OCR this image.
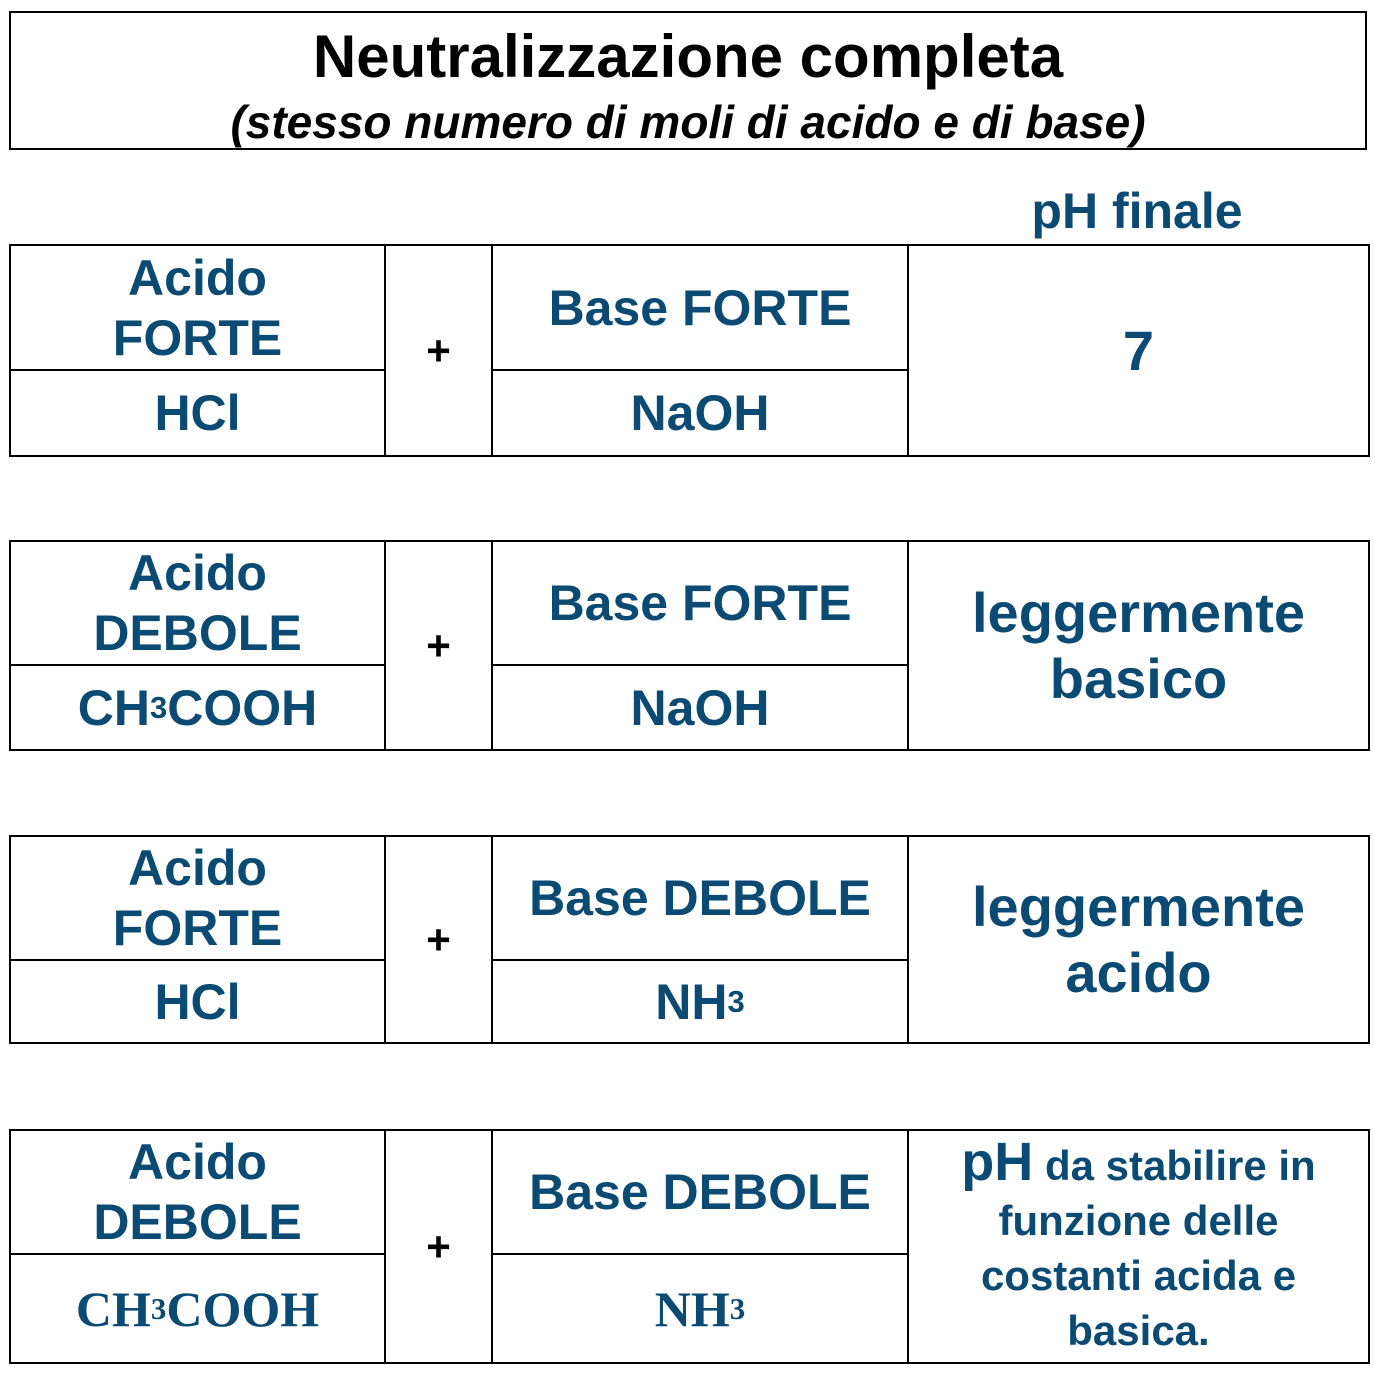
Neutralizzazione completa
(stesso numero di moli di acido e di base)
pH finale
Acido
FORTE
HCl
+
Base FORTE
NaOH
7
Acido
DEBOLE
CH 3 COOH
+
Base FORTE
NaOH
leggermente
basico
Acido
FORTE
HCl
+
Base DEBOLE
NH 3
leggermente
acido
Acido
DEBOLE
CH 3 COOH
+
Base DEBOLE
NH 3
pH da stabilire in
funzione delle
costanti acida e
basica.
